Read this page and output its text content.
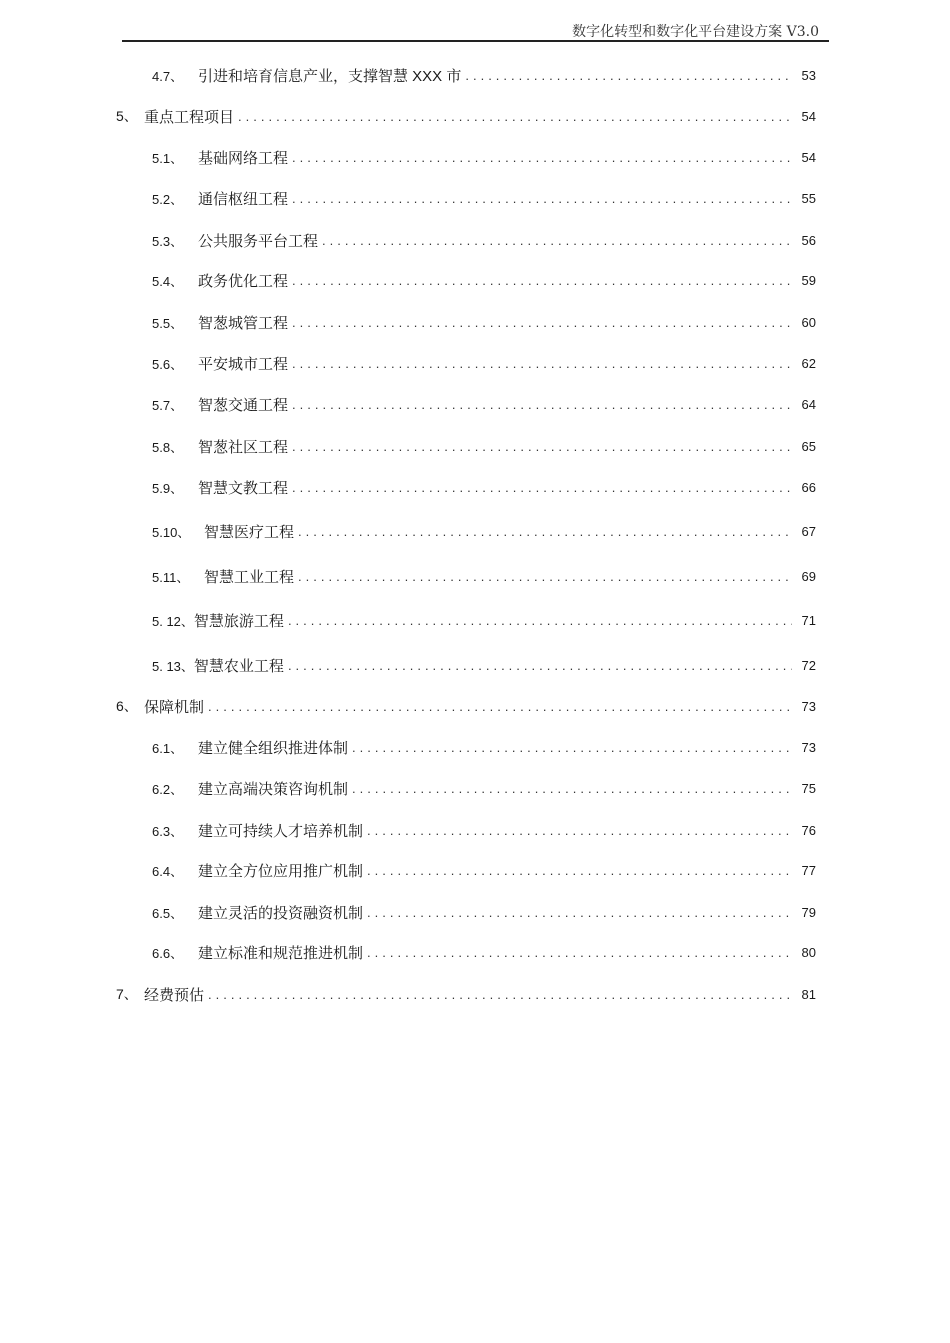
数字化转型和数字化平台建设方案 V3.0
4.7、 引进和培育信息产业，支撑智慧 XXX 市 .....	53
5、 重点工程项目 .....	54
5.1、 基础网络工程 .....	54
5.2、 通信枢纽工程 .....	55
5.3、 公共服务平台工程 .....	56
5.4、 政务优化工程 .....	59
5.5、 智葱城管工程 .....	60
5.6、 平安城市工程 .....	62
5.7、 智葱交通工程 .....	64
5.8、 智葱社区工程 .....	65
5.9、 智慧文教工程 .....	66
5.10、 智慧医疗工程 .....	67
5.11、 智慧工业工程 .....	69
5. 12、 智慧旅游工程 .....	71
5. 13、 智慧农业工程 .....	72
6、 保障机制 .....	73
6.1、 建立健全组织推进体制 .....	73
6.2、 建立高端决策咨询机制 .....	75
6.3、 建立可持续人才培养机制 .....	76
6.4、 建立全方位应用推广机制 .....	77
6.5、 建立灵活的投资融资机制 .....	79
6.6、 建立标准和规范推进机制 .....	80
7、 经费预估 .....	81
